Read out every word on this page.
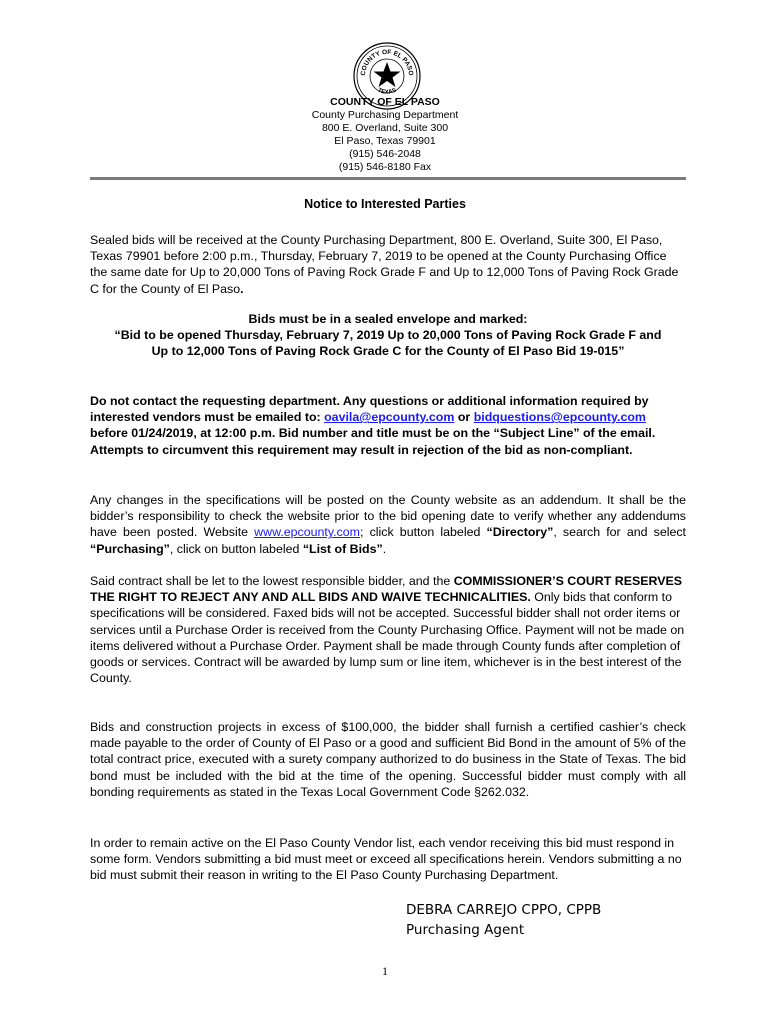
COUNTY OF EL PASO
TEXAS
COUNTY OF EL PASO
County Purchasing Department
800 E. Overland, Suite 300
El Paso, Texas 79901
(915) 546-2048
(915) 546-8180 Fax
Notice to Interested Parties

Sealed bids will be received at the County Purchasing Department, 800 E. Overland, Suite 300, El Paso, Texas 79901 before 2:00 p.m., Thursday, February 7, 2019 to be opened at the County Purchasing Office the same date for Up to 20,000 Tons of Paving Rock Grade F and Up to 12,000 Tons of Paving Rock Grade C for the County of El Paso.

Bids must be in a sealed envelope and marked:
“Bid to be opened Thursday, February 7, 2019 Up to 20,000 Tons of Paving Rock Grade F and Up to 12,000 Tons of Paving Rock Grade C for the County of El Paso Bid 19-015”

Do not contact the requesting department. Any questions or additional information required by interested vendors must be emailed to: oavila@epcounty.com or bidquestions@epcounty.com before 01/24/2019, at 12:00 p.m. Bid number and title must be on the “Subject Line” of the email. Attempts to circumvent this requirement may result in rejection of the bid as non-compliant.

Any changes in the specifications will be posted on the County website as an addendum. It shall be the bidder’s responsibility to check the website prior to the bid opening date to verify whether any addendums have been posted. Website www.epcounty.com; click button labeled “Directory”, search for and select “Purchasing”, click on button labeled “List of Bids”.

Said contract shall be let to the lowest responsible bidder, and the COMMISSIONER’S COURT RESERVES THE RIGHT TO REJECT ANY AND ALL BIDS AND WAIVE TECHNICALITIES. Only bids that conform to specifications will be considered. Faxed bids will not be accepted. Successful bidder shall not order items or services until a Purchase Order is received from the County Purchasing Office. Payment will not be made on items delivered without a Purchase Order. Payment shall be made through County funds after completion of goods or services. Contract will be awarded by lump sum or line item, whichever is in the best interest of the County.

Bids and construction projects in excess of $100,000, the bidder shall furnish a certified cashier’s check made payable to the order of County of El Paso or a good and sufficient Bid Bond in the amount of 5% of the total contract price, executed with a surety company authorized to do business in the State of Texas. The bid bond must be included with the bid at the time of the opening. Successful bidder must comply with all bonding requirements as stated in the Texas Local Government Code §262.032.

In order to remain active on the El Paso County Vendor list, each vendor receiving this bid must respond in some form. Vendors submitting a bid must meet or exceed all specifications herein. Vendors submitting a no bid must submit their reason in writing to the El Paso County Purchasing Department.

DEBRA CARREJO CPPO, CPPB
Purchasing Agent
1
